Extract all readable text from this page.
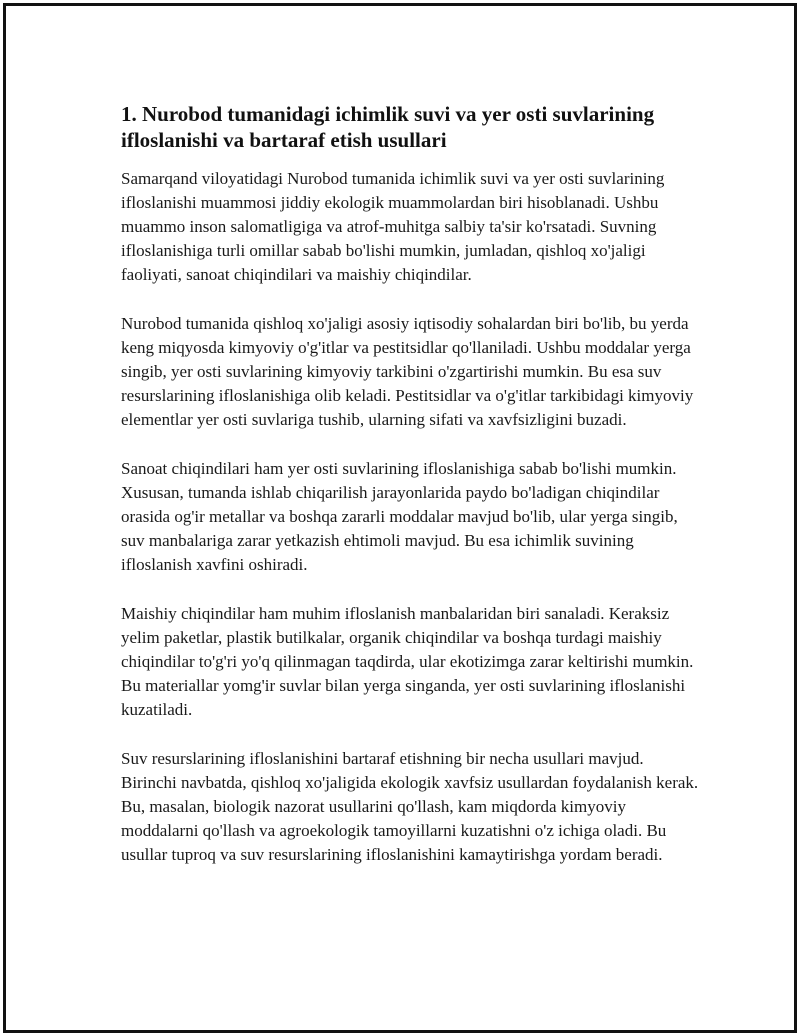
1. Nurobod tumanidagi ichimlik suvi va yer osti suvlarining ifloslanishi va bartaraf etish usullari

Samarqand viloyatidagi Nurobod tumanida ichimlik suvi va yer osti suvlarining ifloslanishi muammosi jiddiy ekologik muammolardan biri hisoblanadi. Ushbu muammo inson salomatligiga va atrof-muhitga salbiy ta'sir ko'rsatadi. Suvning ifloslanishiga turli omillar sabab bo'lishi mumkin, jumladan, qishloq xo'jaligi faoliyati, sanoat chiqindilari va maishiy chiqindilar.

Nurobod tumanida qishloq xo'jaligi asosiy iqtisodiy sohalardan biri bo'lib, bu yerda keng miqyosda kimyoviy o'g'itlar va pestitsidlar qo'llaniladi. Ushbu moddalar yerga singib, yer osti suvlarining kimyoviy tarkibini o'zgartirishi mumkin. Bu esa suv resurslarining ifloslanishiga olib keladi. Pestitsidlar va o'g'itlar tarkibidagi kimyoviy elementlar yer osti suvlariga tushib, ularning sifati va xavfsizligini buzadi.

Sanoat chiqindilari ham yer osti suvlarining ifloslanishiga sabab bo'lishi mumkin. Xususan, tumanda ishlab chiqarilish jarayonlarida paydo bo'ladigan chiqindilar orasida og'ir metallar va boshqa zararli moddalar mavjud bo'lib, ular yerga singib, suv manbalariga zarar yetkazish ehtimoli mavjud. Bu esa ichimlik suvining ifloslanish xavfini oshiradi.

Maishiy chiqindilar ham muhim ifloslanish manbalaridan biri sanaladi. Keraksiz yelim paketlar, plastik butilkalar, organik chiqindilar va boshqa turdagi maishiy chiqindilar to'g'ri yo'q qilinmagan taqdirda, ular ekotizimga zarar keltirishi mumkin. Bu materiallar yomg'ir suvlar bilan yerga singanda, yer osti suvlarining ifloslanishi kuzatiladi.

Suv resurslarining ifloslanishini bartaraf etishning bir necha usullari mavjud. Birinchi navbatda, qishloq xo'jaligida ekologik xavfsiz usullardan foydalanish kerak. Bu, masalan, biologik nazorat usullarini qo'llash, kam miqdorda kimyoviy moddalarni qo'llash va agroekologik tamoyillarni kuzatishni o'z ichiga oladi. Bu usullar tuproq va suv resurslarining ifloslanishini kamaytirishga yordam beradi.
